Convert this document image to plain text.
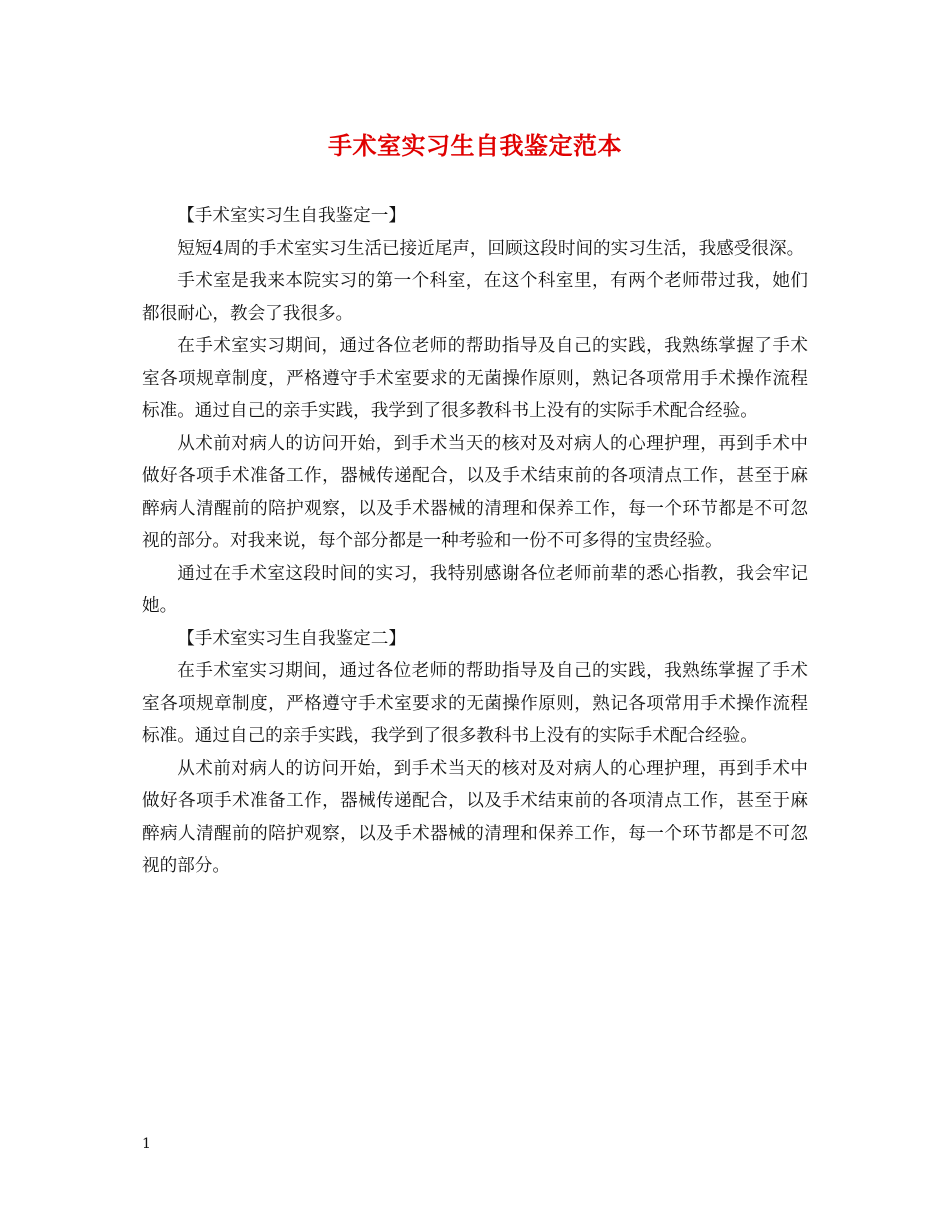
手术室实习生自我鉴定范本

【手术室实习生自我鉴定一】

短短4周的手术室实习生活已接近尾声，回顾这段时间的实习生活，我感受很深。

手术室是我来本院实习的第一个科室，在这个科室里，有两个老师带过我，她们都很耐心，教会了我很多。

在手术室实习期间，通过各位老师的帮助指导及自己的实践，我熟练掌握了手术室各项规章制度，严格遵守手术室要求的无菌操作原则，熟记各项常用手术操作流程标准。通过自己的亲手实践，我学到了很多教科书上没有的实际手术配合经验。

从术前对病人的访问开始，到手术当天的核对及对病人的心理护理，再到手术中做好各项手术准备工作，器械传递配合，以及手术结束前的各项清点工作，甚至于麻醉病人清醒前的陪护观察，以及手术器械的清理和保养工作，每一个环节都是不可忽视的部分。对我来说，每个部分都是一种考验和一份不可多得的宝贵经验。

通过在手术室这段时间的实习，我特别感谢各位老师前辈的悉心指教，我会牢记她。

【手术室实习生自我鉴定二】

在手术室实习期间，通过各位老师的帮助指导及自己的实践，我熟练掌握了手术室各项规章制度，严格遵守手术室要求的无菌操作原则，熟记各项常用手术操作流程标准。通过自己的亲手实践，我学到了很多教科书上没有的实际手术配合经验。

从术前对病人的访问开始，到手术当天的核对及对病人的心理护理，再到手术中做好各项手术准备工作，器械传递配合，以及手术结束前的各项清点工作，甚至于麻醉病人清醒前的陪护观察，以及手术器械的清理和保养工作，每一个环节都是不可忽视的部分。

1
